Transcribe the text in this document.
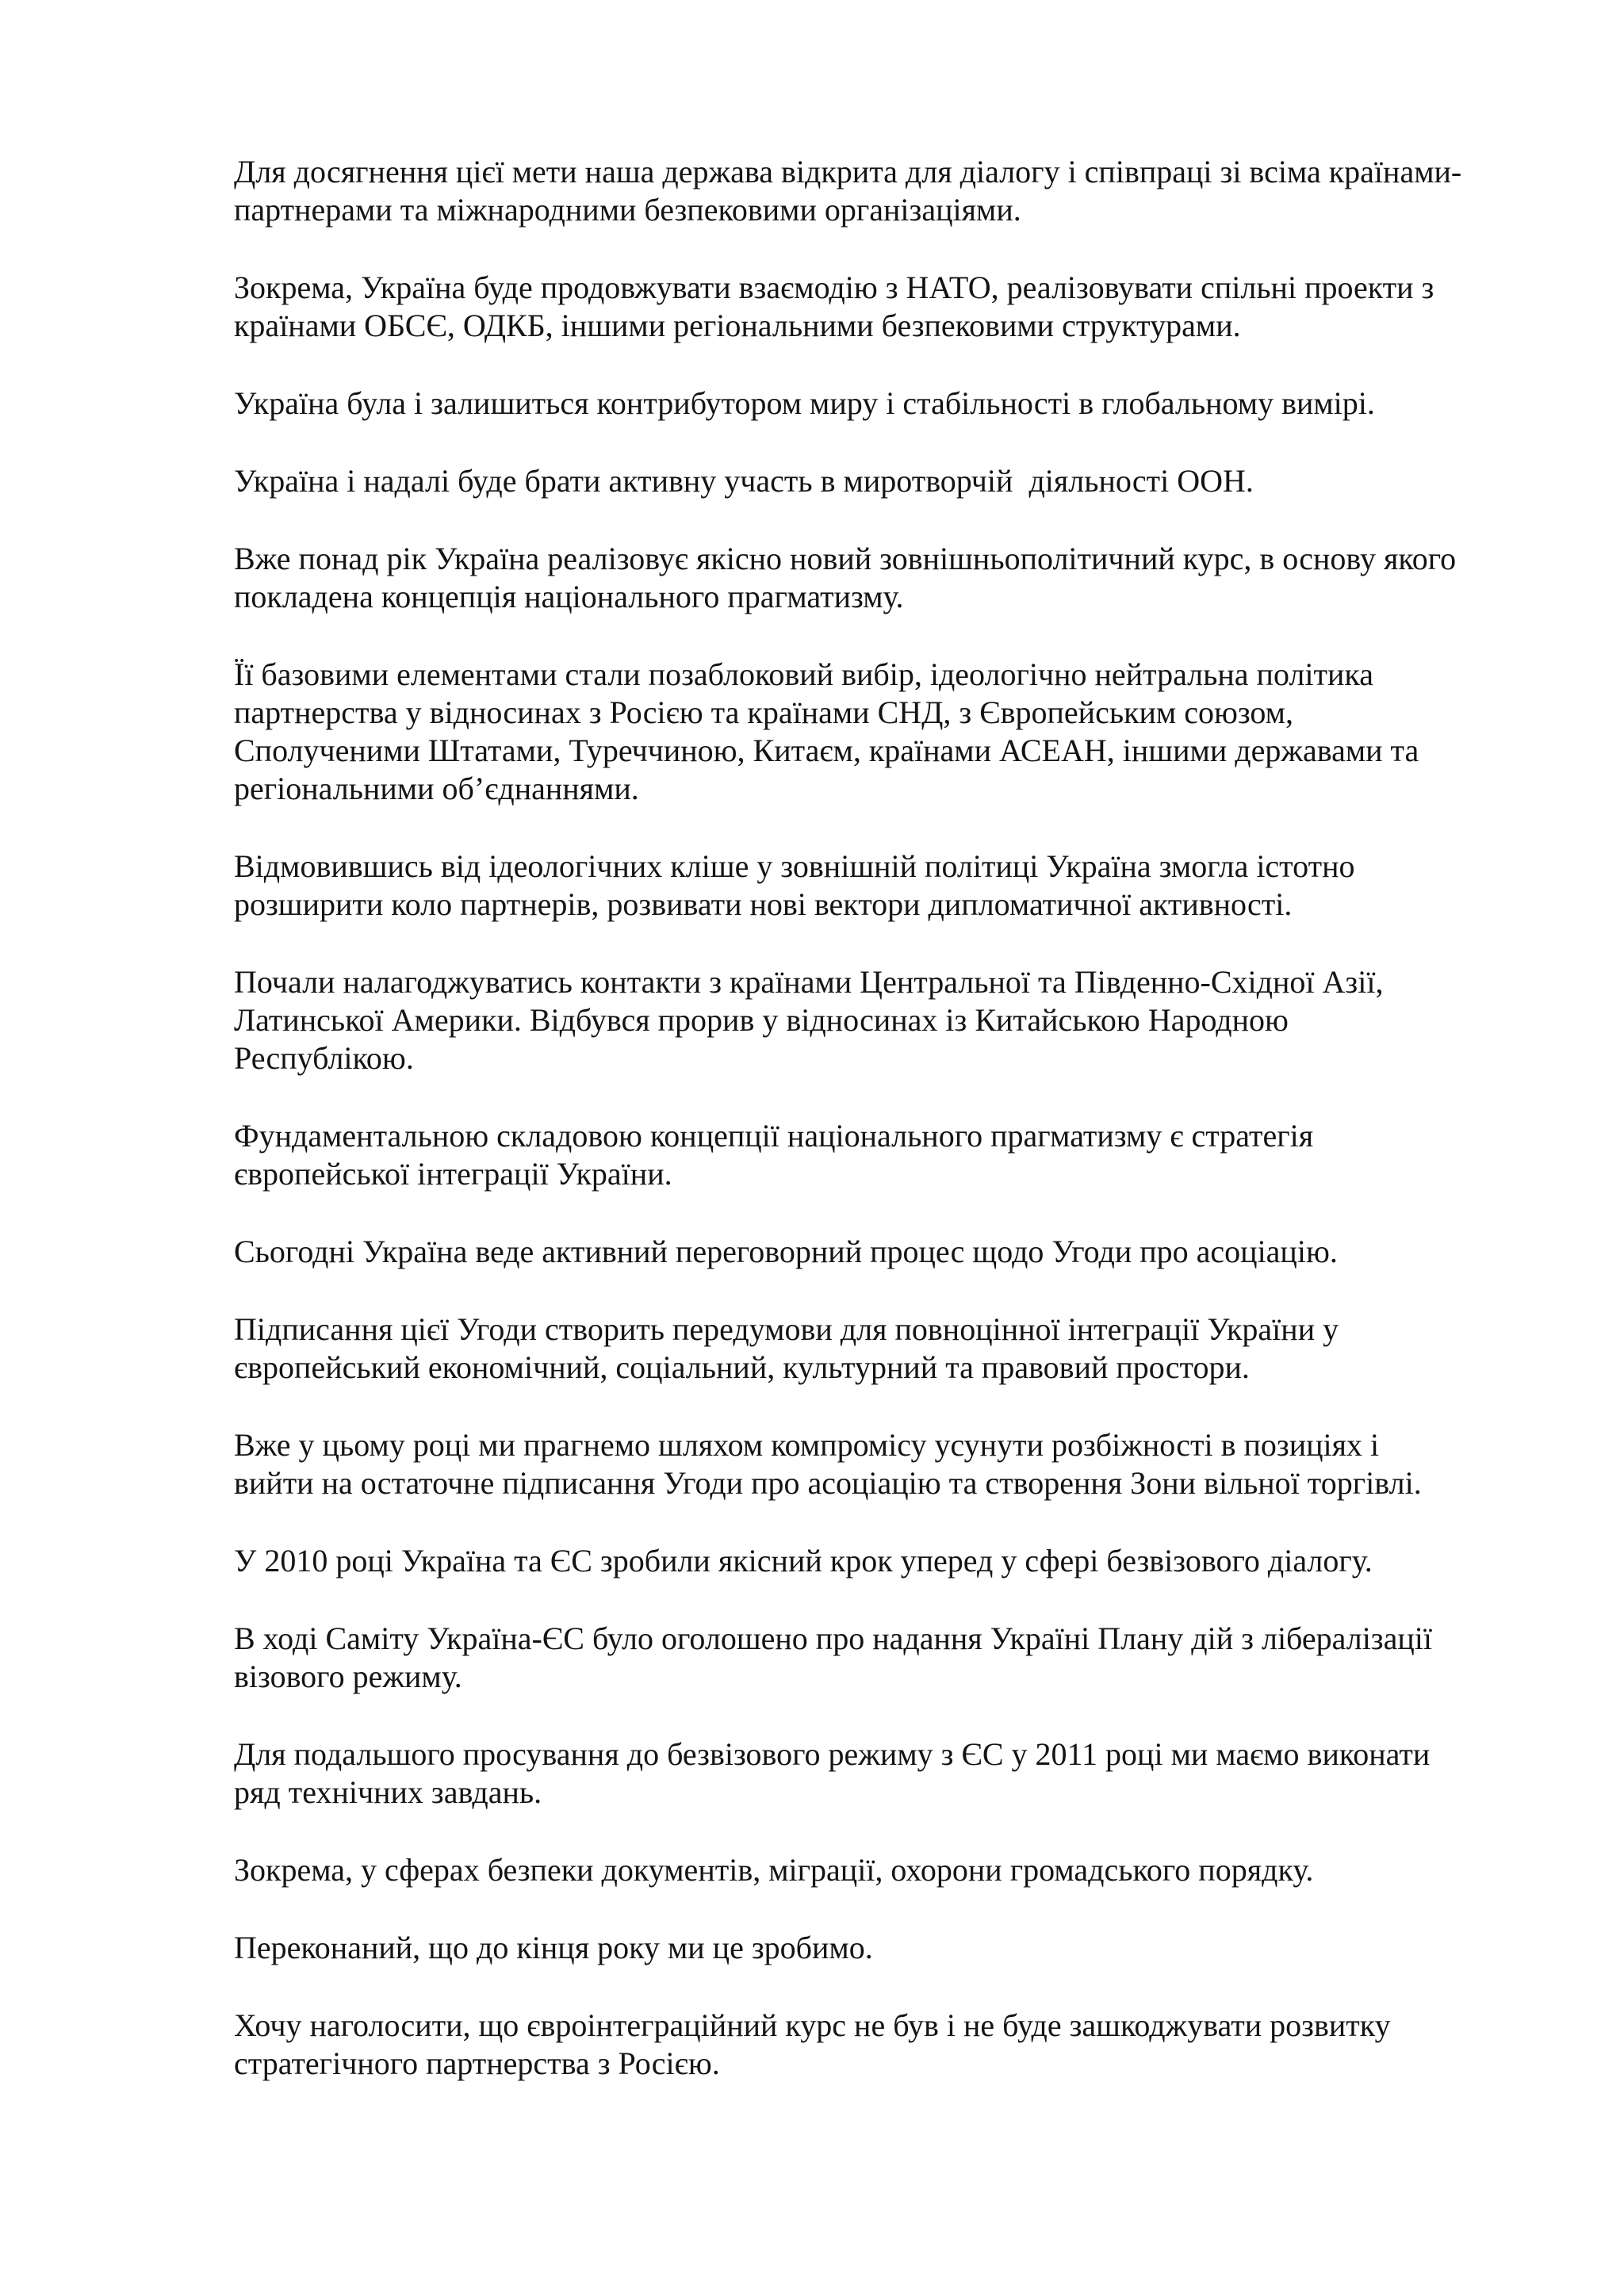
Для досягнення цієї мети наша держава відкрита для діалогу і співпраці зі всіма країнами-
партнерами та міжнародними безпековими організаціями.

Зокрема, Україна буде продовжувати взаємодію з НАТО, реалізовувати спільні проекти з
країнами ОБСЄ, ОДКБ, іншими регіональними безпековими структурами.

Україна була і залишиться контрибутором миру і стабільності в глобальному вимірі.

Україна і надалі буде брати активну участь в миротворчій  діяльності ООН.

Вже понад рік Україна реалізовує якісно новий зовнішньополітичний курс, в основу якого
покладена концепція національного прагматизму.

Її базовими елементами стали позаблоковий вибір, ідеологічно нейтральна політика
партнерства у відносинах з Росією та країнами СНД, з Європейським союзом,
Сполученими Штатами, Туреччиною, Китаєм, країнами АСЕАН, іншими державами та
регіональними об’єднаннями.

Відмовившись від ідеологічних кліше у зовнішній політиці Україна змогла істотно
розширити коло партнерів, розвивати нові вектори дипломатичної активності.

Почали налагоджуватись контакти з країнами Центральної та Південно-Східної Азії,
Латинської Америки. Відбувся прорив у відносинах із Китайською Народною
Республікою.

Фундаментальною складовою концепції національного прагматизму є стратегія
європейської інтеграції України.

Сьогодні Україна веде активний переговорний процес щодо Угоди про асоціацію.

Підписання цієї Угоди створить передумови для повноцінної інтеграції України у
європейський економічний, соціальний, культурний та правовий простори.

Вже у цьому році ми прагнемо шляхом компромісу усунути розбіжності в позиціях і
вийти на остаточне підписання Угоди про асоціацію та створення Зони вільної торгівлі.

У 2010 році Україна та ЄС зробили якісний крок уперед у сфері безвізового діалогу.

В ході Саміту Україна-ЄС було оголошено про надання Україні Плану дій з лібералізації
візового режиму.

Для подальшого просування до безвізового режиму з ЄС у 2011 році ми маємо виконати
ряд технічних завдань.

Зокрема, у сферах безпеки документів, міграції, охорони громадського порядку.

Переконаний, що до кінця року ми це зробимо.

Хочу наголосити, що євроінтеграційний курс не був і не буде зашкоджувати розвитку
стратегічного партнерства з Росією.
